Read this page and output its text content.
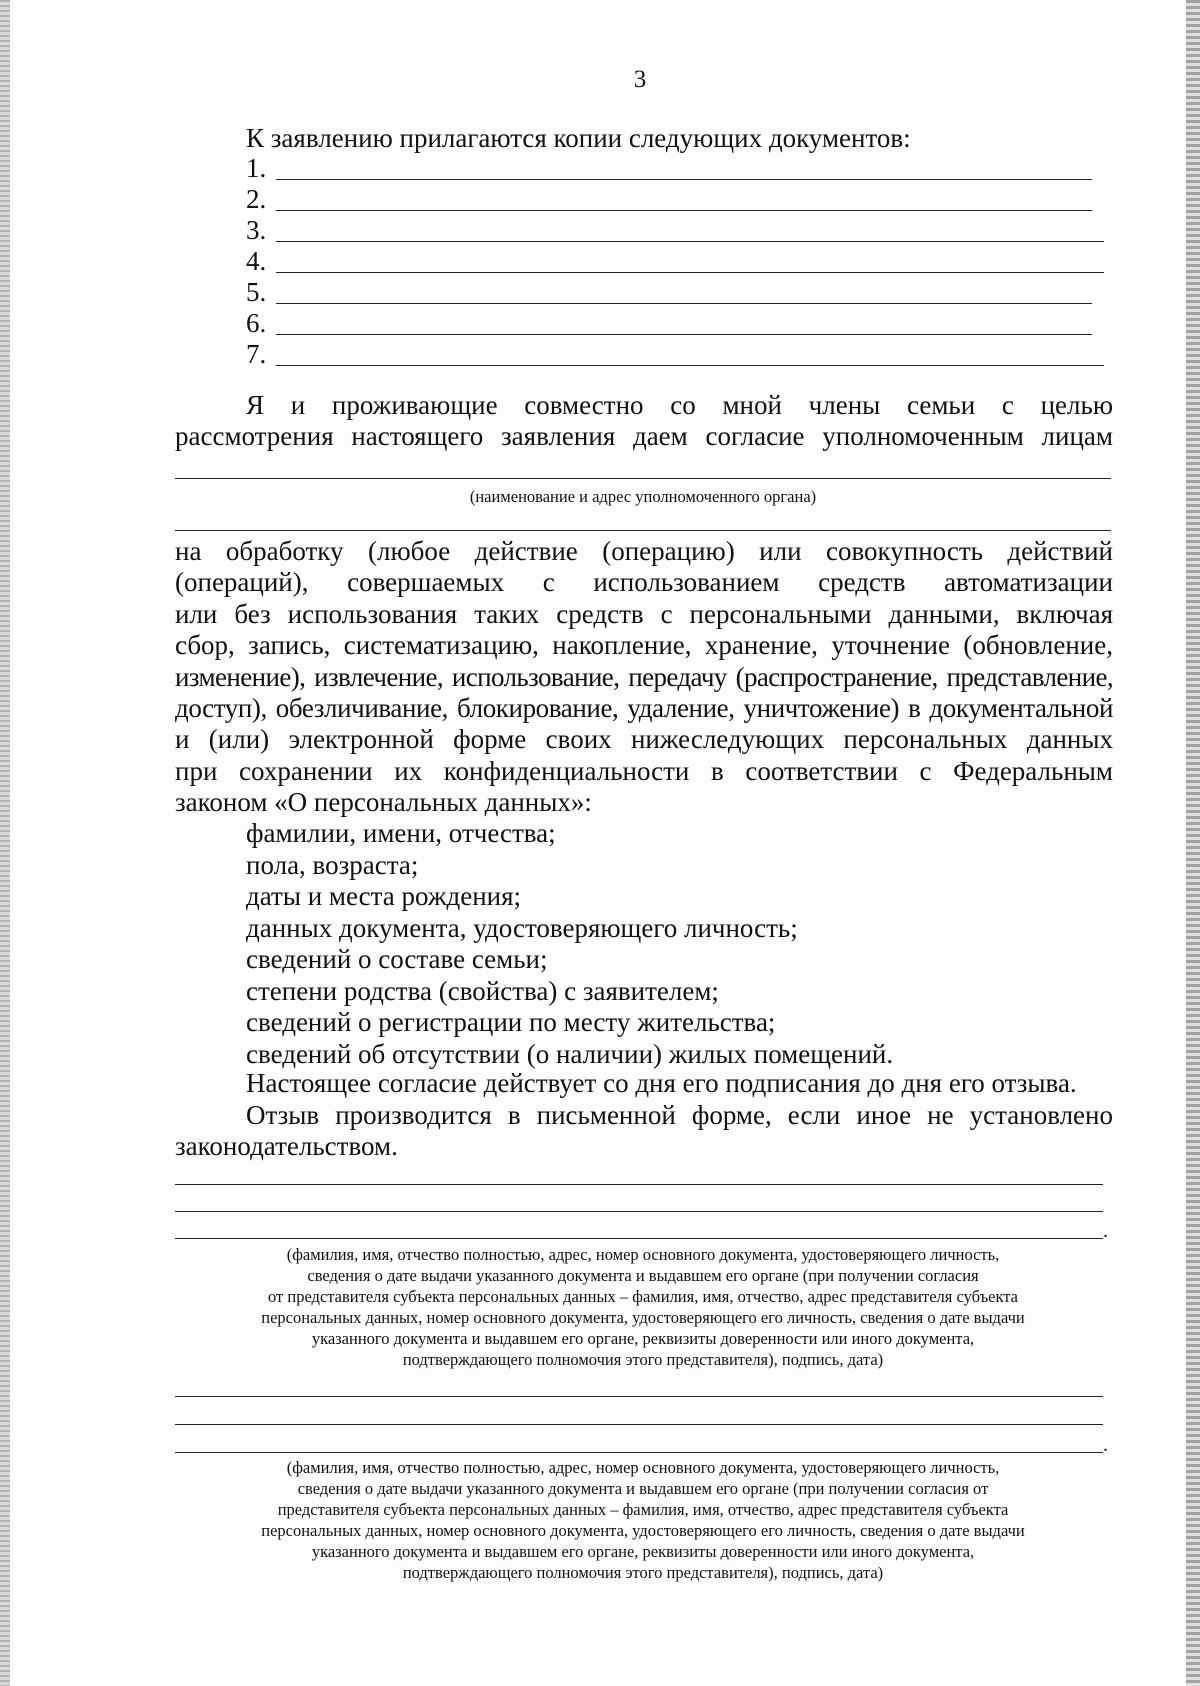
3
К заявлению прилагаются копии следующих документов:
1.
2.
3.
4.
5.
6.
7.
Я и проживающие совместно со мной члены семьи с целью
рассмотрения настоящего заявления даем согласие уполномоченным лицам
(наименование и адрес уполномоченного органа)
на обработку (любое действие (операцию) или совокупность действий
(операций), совершаемых с использованием средств автоматизации
или без использования таких средств с персональными данными, включая
сбор, запись, систематизацию, накопление, хранение, уточнение (обновление,
изменение), извлечение, использование, передачу (распространение, представление,
доступ), обезличивание, блокирование, удаление, уничтожение) в документальной
и (или) электронной форме своих нижеследующих персональных данных
при сохранении их конфиденциальности в соответствии с Федеральным
законом «О персональных данных»:
фамилии, имени, отчества;
пола, возраста;
даты и места рождения;
данных документа, удостоверяющего личность;
сведений о составе семьи;
степени родства (свойства) с заявителем;
сведений о регистрации по месту жительства;
сведений об отсутствии (о наличии) жилых помещений.
Настоящее согласие действует со дня его подписания до дня его отзыва.
Отзыв производится в письменной форме, если иное не установлено
законодательством.
.
(фамилия, имя, отчество полностью, адрес, номер основного документа, удостоверяющего личность,
сведения о дате выдачи указанного документа и выдавшем его органе (при получении согласия
от представителя субъекта персональных данных – фамилия, имя, отчество, адрес представителя субъекта
персональных данных, номер основного документа, удостоверяющего его личность, сведения о дате выдачи
указанного документа и выдавшем его органе, реквизиты доверенности или иного документа,
подтверждающего полномочия этого представителя), подпись, дата)
.
(фамилия, имя, отчество полностью, адрес, номер основного документа, удостоверяющего личность,
сведения о дате выдачи указанного документа и выдавшем его органе (при получении согласия от
представителя субъекта персональных данных – фамилия, имя, отчество, адрес представителя субъекта
персональных данных, номер основного документа, удостоверяющего его личность, сведения о дате выдачи
указанного документа и выдавшем его органе, реквизиты доверенности или иного документа,
подтверждающего полномочия этого представителя), подпись, дата)
